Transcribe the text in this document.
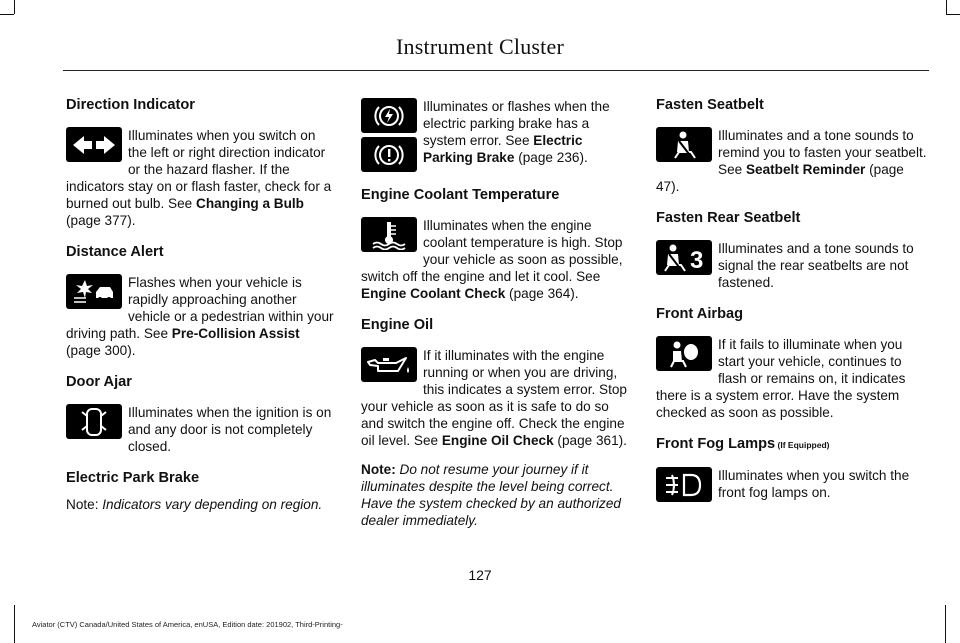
Instrument Cluster
Direction Indicator

Illuminates when you switch on the left or right direction indicator or the hazard flasher. If the indicators stay on or flash faster, check for a burned out bulb. See Changing a Bulb (page 377).

Distance Alert

Flashes when your vehicle is rapidly approaching another vehicle or a pedestrian within your driving path. See Pre-Collision Assist (page 300).

Door Ajar

Illuminates when the ignition is on and any door is not completely closed.

Electric Park Brake

Note: Indicators vary depending on region.

Illuminates or flashes when the electric parking brake has a system error. See Electric Parking Brake (page 236).

Engine Coolant Temperature

Illuminates when the engine coolant temperature is high. Stop your vehicle as soon as possible, switch off the engine and let it cool. See Engine Coolant Check (page 364).

Engine Oil

If it illuminates with the engine running or when you are driving, this indicates a system error. Stop your vehicle as soon as it is safe to do so and switch the engine off. Check the engine oil level. See Engine Oil Check (page 361).

Note: Do not resume your journey if it illuminates despite the level being correct. Have the system checked by an authorized dealer immediately.

Fasten Seatbelt

Illuminates and a tone sounds to remind you to fasten your seatbelt. See Seatbelt Reminder (page 47).

Fasten Rear Seatbelt
3	Illuminates and a tone sounds to signal the rear seatbelts are not fastened.

Front Airbag

If it fails to illuminate when you start your vehicle, continues to flash or remains on, it indicates there is a system error. Have the system checked as soon as possible.

Front Fog Lamps (If Equipped)

Illuminates when you switch the front fog lamps on.

127
Aviator (CTV) Canada/United States of America, enUSA, Edition date: 201902, Third-Printing-
